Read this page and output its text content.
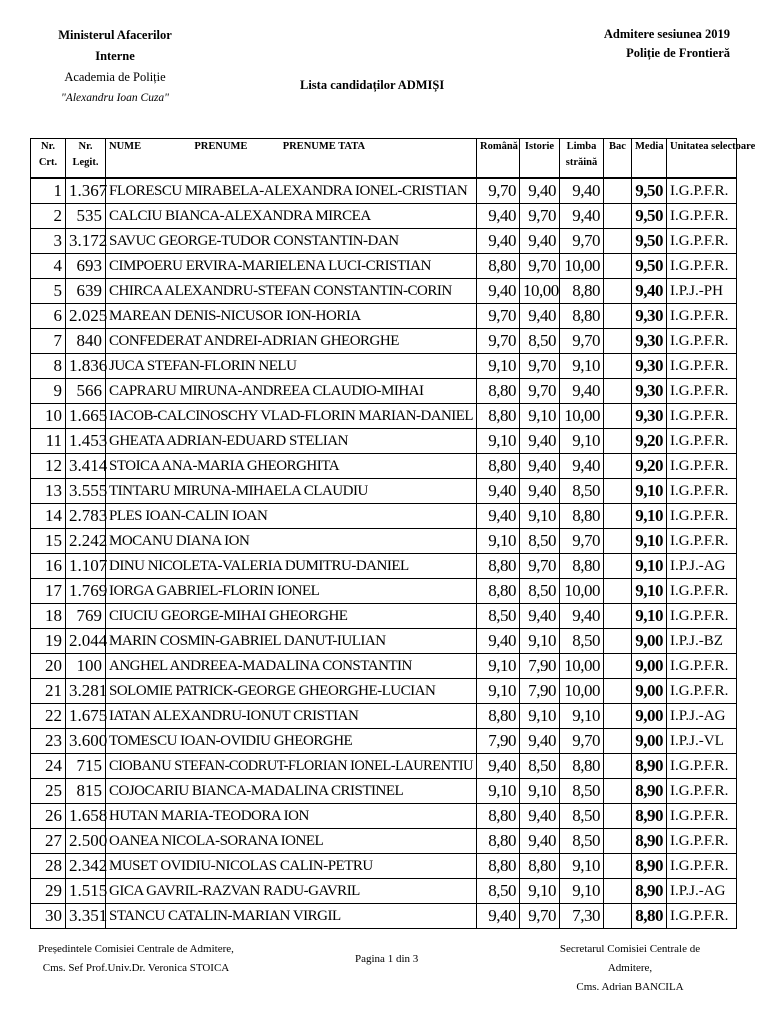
Ministerul Afacerilor
Interne
Academia de Poliție
"Alexandru Ioan Cuza"
Admitere sesiunea 2019
Poliție de Frontieră
Lista candidaților ADMIȘI
Nr. Crt.	Nr. Legit.	NUME PRENUME PRENUME TATA	Română	Istorie	Limba străină	Bac	Media	Unitatea selectoare
1	1.367	FLORESCU MIRABELA-ALEXANDRA IONEL-CRISTIAN	9,70	9,40	9,40		9,50	I.G.P.F.R.
2	535	CALCIU BIANCA-ALEXANDRA MIRCEA	9,40	9,70	9,40		9,50	I.G.P.F.R.
3	3.172	SAVUC GEORGE-TUDOR CONSTANTIN-DAN	9,40	9,40	9,70		9,50	I.G.P.F.R.
4	693	CIMPOERU ERVIRA-MARIELENA LUCI-CRISTIAN	8,80	9,70	10,00		9,50	I.G.P.F.R.
5	639	CHIRCA ALEXANDRU-STEFAN CONSTANTIN-CORIN	9,40	10,00	8,80		9,40	I.P.J.-PH
6	2.025	MAREAN DENIS-NICUSOR ION-HORIA	9,70	9,40	8,80		9,30	I.G.P.F.R.
7	840	CONFEDERAT ANDREI-ADRIAN GHEORGHE	9,70	8,50	9,70		9,30	I.G.P.F.R.
8	1.836	JUCA STEFAN-FLORIN NELU	9,10	9,70	9,10		9,30	I.G.P.F.R.
9	566	CAPRARU MIRUNA-ANDREEA CLAUDIO-MIHAI	8,80	9,70	9,40		9,30	I.G.P.F.R.
10	1.665	IACOB-CALCINOSCHY VLAD-FLORIN MARIAN-DANIEL	8,80	9,10	10,00		9,30	I.G.P.F.R.
11	1.453	GHEATA ADRIAN-EDUARD STELIAN	9,10	9,40	9,10		9,20	I.G.P.F.R.
12	3.414	STOICA ANA-MARIA GHEORGHITA	8,80	9,40	9,40		9,20	I.G.P.F.R.
13	3.555	TINTARU MIRUNA-MIHAELA CLAUDIU	9,40	9,40	8,50		9,10	I.G.P.F.R.
14	2.783	PLES IOAN-CALIN IOAN	9,40	9,10	8,80		9,10	I.G.P.F.R.
15	2.242	MOCANU DIANA ION	9,10	8,50	9,70		9,10	I.G.P.F.R.
16	1.107	DINU NICOLETA-VALERIA DUMITRU-DANIEL	8,80	9,70	8,80		9,10	I.P.J.-AG
17	1.769	IORGA GABRIEL-FLORIN IONEL	8,80	8,50	10,00		9,10	I.G.P.F.R.
18	769	CIUCIU GEORGE-MIHAI GHEORGHE	8,50	9,40	9,40		9,10	I.G.P.F.R.
19	2.044	MARIN COSMIN-GABRIEL DANUT-IULIAN	9,40	9,10	8,50		9,00	I.P.J.-BZ
20	100	ANGHEL ANDREEA-MADALINA CONSTANTIN	9,10	7,90	10,00		9,00	I.G.P.F.R.
21	3.281	SOLOMIE PATRICK-GEORGE GHEORGHE-LUCIAN	9,10	7,90	10,00		9,00	I.G.P.F.R.
22	1.675	IATAN ALEXANDRU-IONUT CRISTIAN	8,80	9,10	9,10		9,00	I.P.J.-AG
23	3.600	TOMESCU IOAN-OVIDIU GHEORGHE	7,90	9,40	9,70		9,00	I.P.J.-VL
24	715	CIOBANU STEFAN-CODRUT-FLORIAN IONEL-LAURENTIU	9,40	8,50	8,80		8,90	I.G.P.F.R.
25	815	COJOCARIU BIANCA-MADALINA CRISTINEL	9,10	9,10	8,50		8,90	I.G.P.F.R.
26	1.658	HUTAN MARIA-TEODORA ION	8,80	9,40	8,50		8,90	I.G.P.F.R.
27	2.500	OANEA NICOLA-SORANA IONEL	8,80	9,40	8,50		8,90	I.G.P.F.R.
28	2.342	MUSET OVIDIU-NICOLAS CALIN-PETRU	8,80	8,80	9,10		8,90	I.G.P.F.R.
29	1.515	GICA GAVRIL-RAZVAN RADU-GAVRIL	8,50	9,10	9,10		8,90	I.P.J.-AG
30	3.351	STANCU CATALIN-MARIAN VIRGIL	9,40	9,70	7,30		8,80	I.G.P.F.R.
Președintele Comisiei Centrale de Admitere,
Cms. Sef Prof.Univ.Dr. Veronica STOICA
Pagina 1 din 3
Secretarul Comisiei Centrale de Admitere,
Cms. Adrian BANCILA
